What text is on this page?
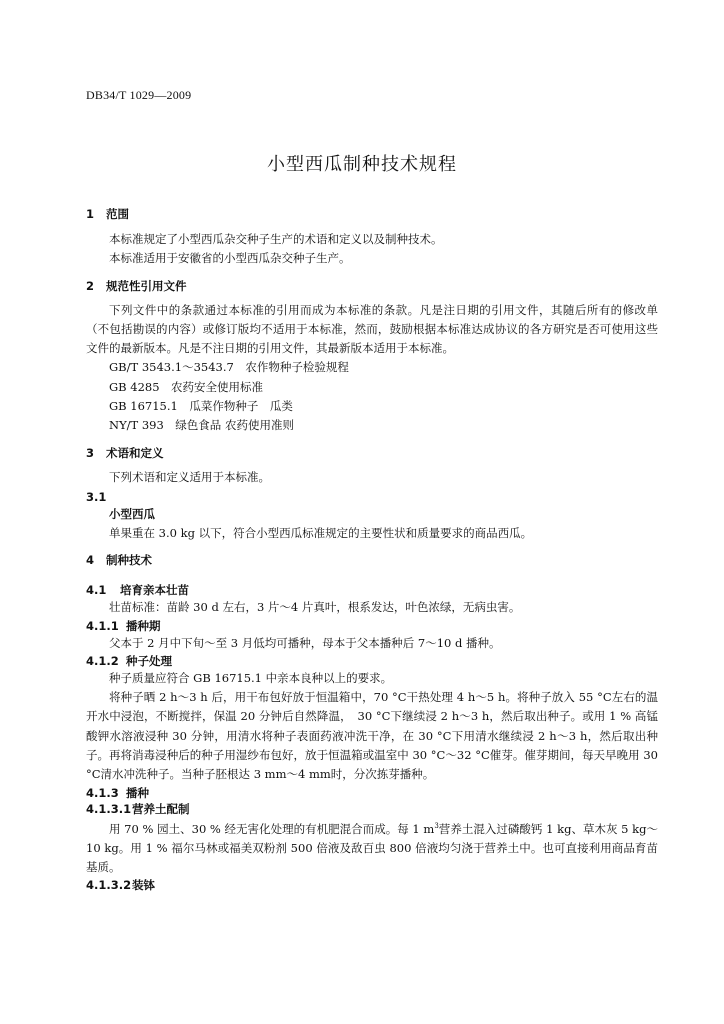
DB34/T 1029—2009
小型西瓜制种技术规程
1 范围

本标准规定了小型西瓜杂交种子生产的术语和定义以及制种技术。

本标准适用于安徽省的小型西瓜杂交种子生产。

2 规范性引用文件

下列文件中的条款通过本标准的引用而成为本标准的条款。凡是注日期的引用文件，其随后所有的修改单（不包括勘误的内容）或修订版均不适用于本标准，然而，鼓励根据本标准达成协议的各方研究是否可使用这些文件的最新版本。凡是不注日期的引用文件，其最新版本适用于本标准。

GB/T 3543.1～3543.7　农作物种子检验规程

GB 4285　农药安全使用标准

GB 16715.1　瓜菜作物种子　瓜类

NY/T 393　绿色食品 农药使用准则

3 术语和定义

下列术语和定义适用于本标准。

3.1

小型西瓜

单果重在 3.0 kg 以下，符合小型西瓜标准规定的主要性状和质量要求的商品西瓜。

4 制种技术
4.1 培育亲本壮苗

壮苗标准：苗龄 30 d 左右，3 片～4 片真叶，根系发达，叶色浓绿，无病虫害。

4.1.1 播种期

父本于 2 月中下旬～至 3 月低均可播种，母本于父本播种后 7～10 d 播种。

4.1.2 种子处理

种子质量应符合 GB 16715.1 中亲本良种以上的要求。

将种子晒 2 h～3 h 后，用干布包好放于恒温箱中，70 °C干热处理 4 h～5 h。将种子放入 55 °C左右的温开水中浸泡，不断搅拌，保温 20 分钟后自然降温，　30 °C下继续浸 2 h～3 h，然后取出种子。或用 1 % 高锰酸钾水溶液浸种 30 分钟，用清水将种子表面药液冲洗干净，在 30 °C下用清水继续浸 2 h～3 h，然后取出种子。再将消毒浸种后的种子用湿纱布包好，放于恒温箱或温室中 30 °C～32 °C催芽。催芽期间，每天早晚用 30 °C清水冲洗种子。当种子胚根达 3 mm～4 mm时，分次拣芽播种。

4.1.3 播种
4.1.3.1营养土配制

用 70 % 园土、30 % 经无害化处理的有机肥混合而成。每 1 $m^3$营养土混入过磷酸钙 1 kg、草木灰 5 kg～10 kg。用 1 % 福尔马林或福美双粉剂 500 倍液及敌百虫 800 倍液均匀浇于营养土中。也可直接利用商品育苗基质。

4.1.3.2装钵
